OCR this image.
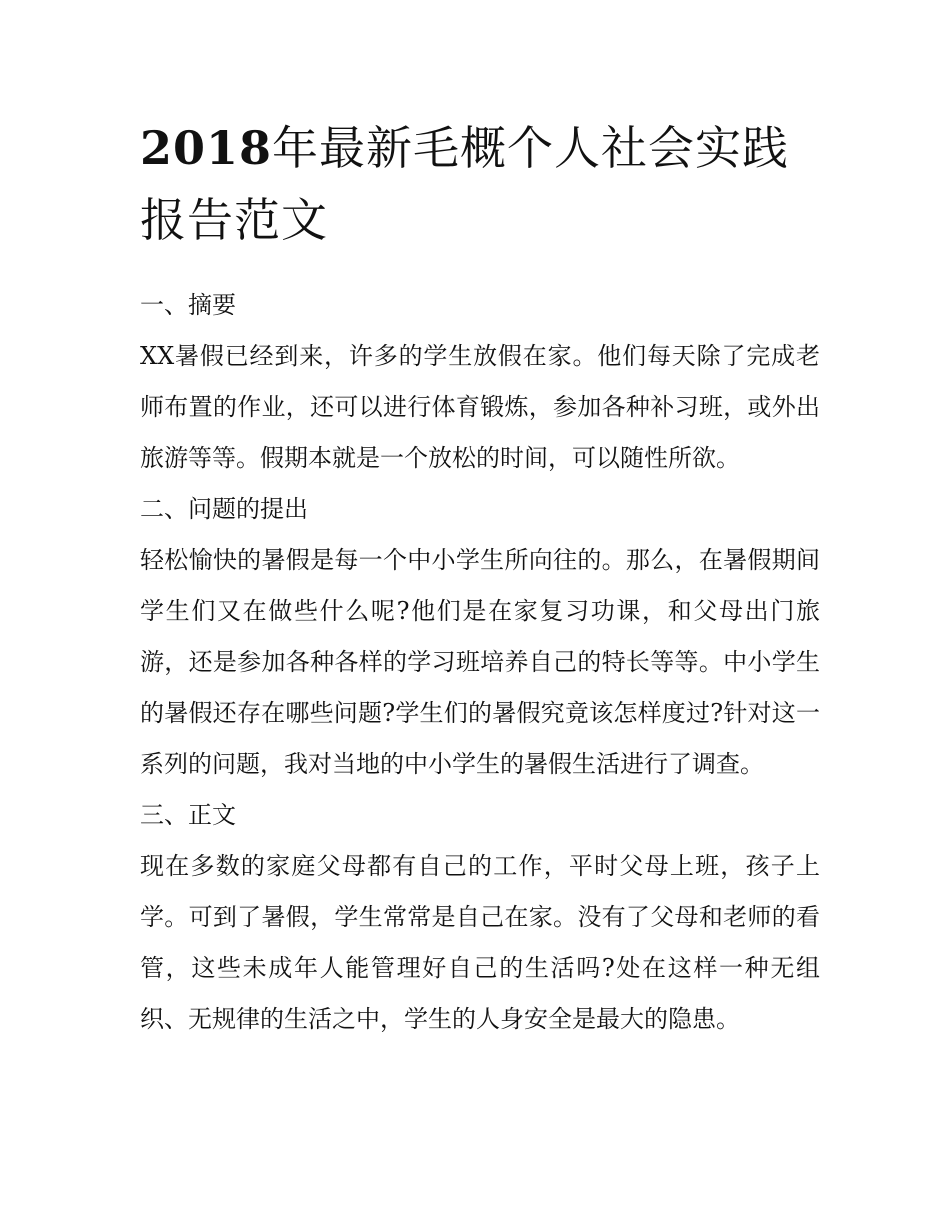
2018年最新毛概个人社会实践报告范文

一、摘要

XX暑假已经到来，许多的学生放假在家。他们每天除了完成老师布置的作业，还可以进行体育锻炼，参加各种补习班，或外出旅游等等。假期本就是一个放松的时间，可以随性所欲。

二、问题的提出

轻松愉快的暑假是每一个中小学生所向往的。那么，在暑假期间学生们又在做些什么呢?他们是在家复习功课，和父母出门旅游，还是参加各种各样的学习班培养自己的特长等等。中小学生的暑假还存在哪些问题?学生们的暑假究竟该怎样度过?针对这一系列的问题，我对当地的中小学生的暑假生活进行了调查。

三、正文

现在多数的家庭父母都有自己的工作，平时父母上班，孩子上学。可到了暑假，学生常常是自己在家。没有了父母和老师的看管，这些未成年人能管理好自己的生活吗?处在这样一种无组织、无规律的生活之中，学生的人身安全是最大的隐患。
